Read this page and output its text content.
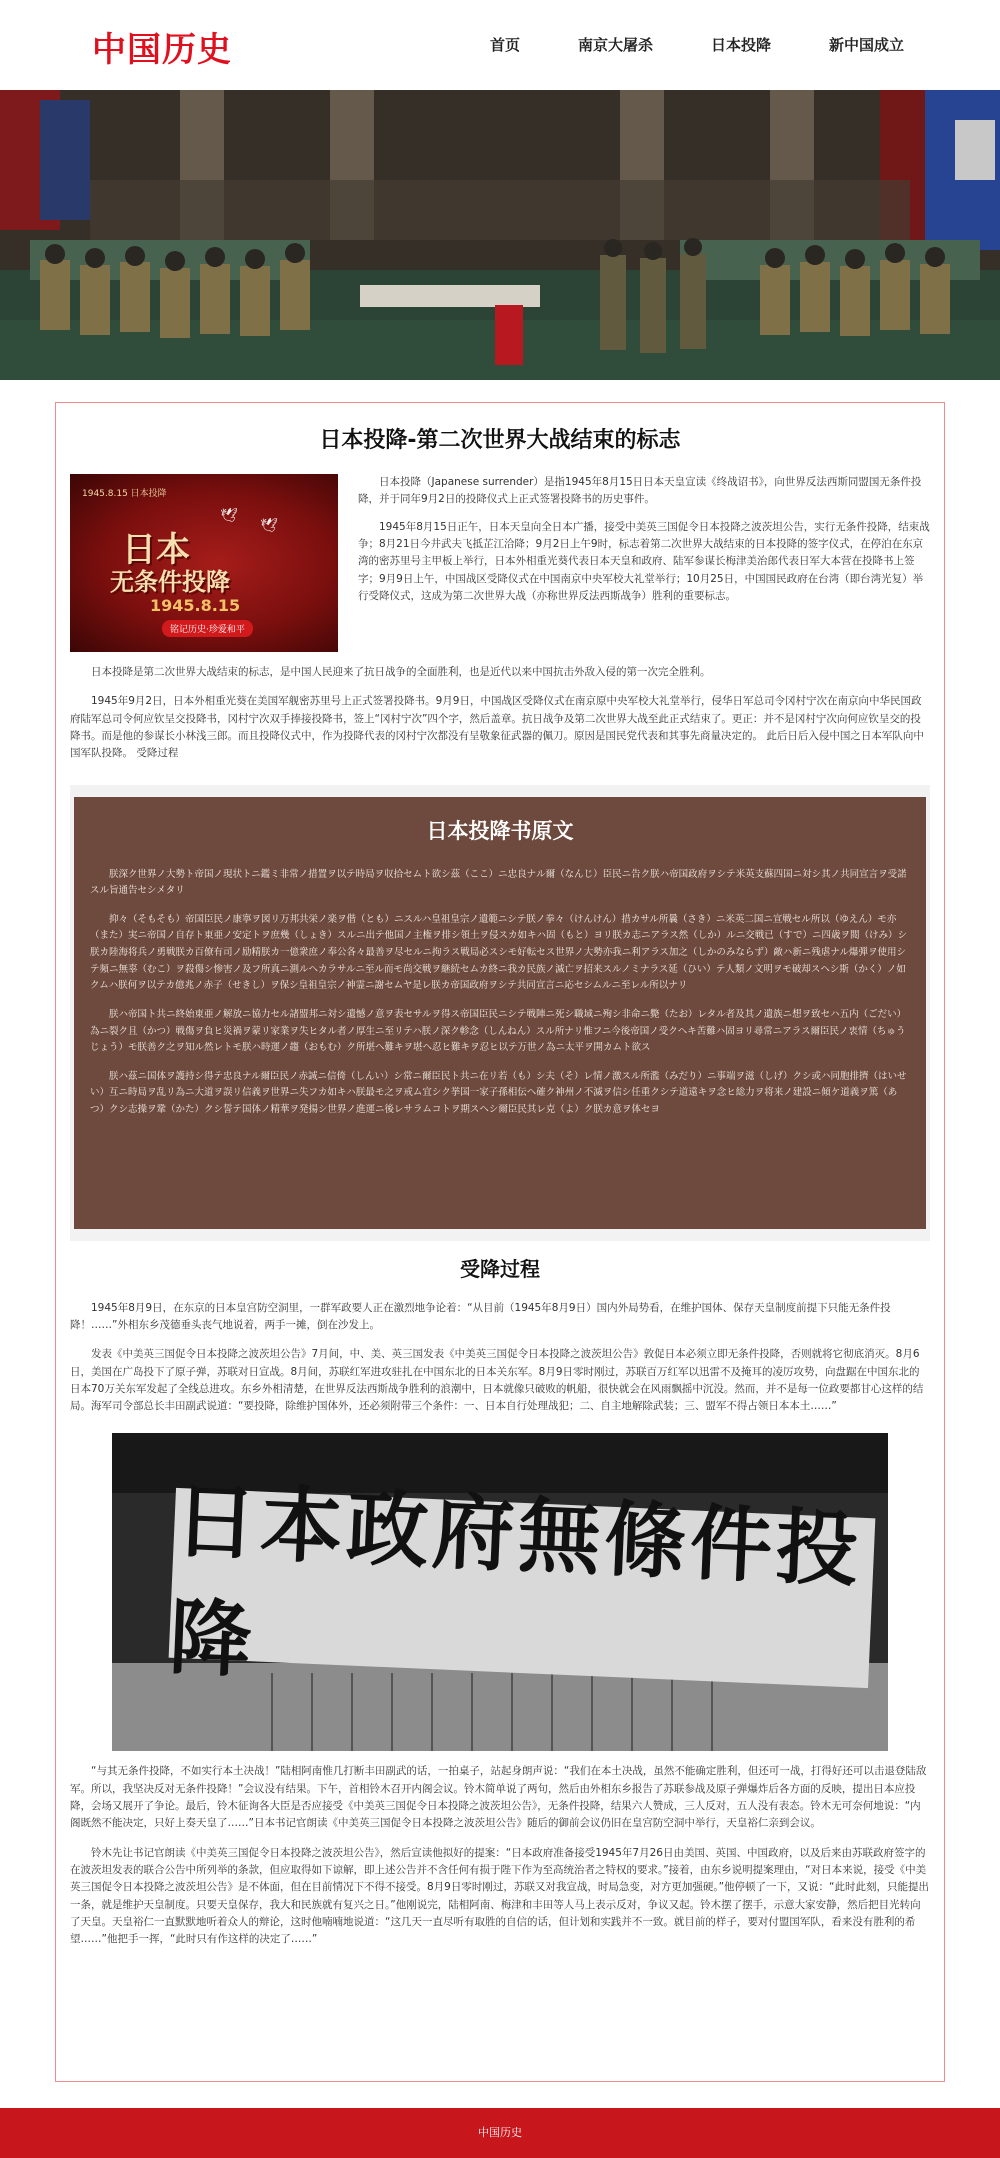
中国历史	首页	南京大屠杀	日本投降	新中国成立
日本投降-第二次世界大战结束的标志
1945.8.15 日本投降
🕊
🕊
日本
无条件投降
1945.8.15
铭记历史·珍爱和平

日本投降（Japanese surrender）是指1945年8月15日日本天皇宣读《终战诏书》，向世界反法西斯同盟国无条件投降，并于同年9月2日的投降仪式上正式签署投降书的历史事件。

1945年8月15日正午，日本天皇向全日本广播，接受中美英三国促令日本投降之波茨坦公告，实行无条件投降，结束战争；8月21日今井武夫飞抵芷江洽降；9月2日上午9时，标志着第二次世界大战结束的日本投降的签字仪式，在停泊在东京湾的密苏里号主甲板上举行，日本外相重光葵代表日本天皇和政府、陆军参谋长梅津美治郎代表日军大本营在投降书上签字；9月9日上午，中国战区受降仪式在中国南京中央军校大礼堂举行；10月25日，中国国民政府在台湾（即台湾光复）举行受降仪式，这成为第二次世界大战（亦称世界反法西斯战争）胜利的重要标志。

日本投降是第二次世界大战结束的标志，是中国人民迎来了抗日战争的全面胜利，也是近代以来中国抗击外敌入侵的第一次完全胜利。

1945年9月2日，日本外相重光葵在美国军舰密苏里号上正式签署投降书。9月9日，中国战区受降仪式在南京原中央军校大礼堂举行，侵华日军总司令冈村宁次在南京向中华民国政府陆军总司令何应钦呈交投降书，冈村宁次双手捧接投降书，签上“冈村宁次”四个字，然后盖章。抗日战争及第二次世界大战至此正式结束了。更正：并不是冈村宁次向何应钦呈交的投降书。而是他的参谋长小林浅三郎。而且投降仪式中，作为投降代表的冈村宁次都没有呈敬象征武器的佩刀。原因是国民党代表和其事先商量决定的。 此后日后入侵中国之日本军队向中国军队投降。 受降过程

日本投降书原文

朕深ク世界ノ大勢ト帝国ノ現状トニ鑑ミ非常ノ措置ヲ以テ時局ヲ収拾セムト欲シ茲（ここ）ニ忠良ナル爾（なんじ）臣民ニ告ク朕ハ帝国政府ヲシテ米英支蘇四国ニ対シ其ノ共同宣言ヲ受諾スル旨通告セシメタリ

抑々（そもそも）帝国臣民ノ康寧ヲ図リ万邦共栄ノ楽ヲ偕（とも）ニスルハ皇祖皇宗ノ遺範ニシテ朕ノ拳々（けんけん）措カサル所曩（さき）ニ米英二国ニ宣戦セル所以（ゆえん）モ亦（また）実ニ帝国ノ自存ト東亜ノ安定トヲ庶幾（しょき）スルニ出テ他国ノ主権ヲ排シ領土ヲ侵スカ如キハ固（もと）ヨリ朕カ志ニアラス然（しか）ルニ交戦已（すで）ニ四歳ヲ閲（けみ）シ朕カ陸海将兵ノ勇戦朕カ百僚有司ノ励精朕カ一億衆庶ノ奉公各々最善ヲ尽セルニ拘ラス戦局必スシモ好転セス世界ノ大勢亦我ニ利アラス加之（しかのみならず）敵ハ新ニ残虐ナル爆弾ヲ使用シテ頻ニ無辜（むこ）ヲ殺傷シ惨害ノ及フ所真ニ測ルヘカラサルニ至ル而モ尚交戦ヲ継続セムカ終ニ我カ民族ノ滅亡ヲ招来スルノミナラス延（ひい）テ人類ノ文明ヲモ破却スヘシ斯（かく）ノ如クムハ朕何ヲ以テカ億兆ノ赤子（せきし）ヲ保シ皇祖皇宗ノ神霊ニ謝セムヤ是レ朕カ帝国政府ヲシテ共同宣言ニ応セシムルニ至レル所以ナリ

朕ハ帝国ト共ニ終始東亜ノ解放ニ協力セル諸盟邦ニ対シ遺憾ノ意ヲ表セサルヲ得ス帝国臣民ニシテ戦陣ニ死シ職域ニ殉シ非命ニ斃（たお）レタル者及其ノ遺族ニ想ヲ致セハ五内（ごだい）為ニ裂ク且（かつ）戦傷ヲ負ヒ災禍ヲ蒙リ家業ヲ失ヒタル者ノ厚生ニ至リテハ朕ノ深ク軫念（しんねん）スル所ナリ惟フニ今後帝国ノ受クヘキ苦難ハ固ヨリ尋常ニアラス爾臣民ノ衷情（ちゅうじょう）モ朕善ク之ヲ知ル然レトモ朕ハ時運ノ趨（おもむ）ク所堪ヘ難キヲ堪ヘ忍ヒ難キヲ忍ヒ以テ万世ノ為ニ太平ヲ開カムト欲ス

朕ハ茲ニ国体ヲ護持シ得テ忠良ナル爾臣民ノ赤誠ニ信倚（しんい）シ常ニ爾臣民ト共ニ在リ若（も）シ夫（そ）レ情ノ激スル所濫（みだり）ニ事端ヲ滋（しげ）クシ或ハ同胞排擠（はいせい）互ニ時局ヲ乱リ為ニ大道ヲ誤リ信義ヲ世界ニ失フカ如キハ朕最モ之ヲ戒ム宜シク挙国一家子孫相伝ヘ確ク神州ノ不滅ヲ信シ任重クシテ道遠キヲ念ヒ総力ヲ将来ノ建設ニ傾ケ道義ヲ篤（あつ）クシ志操ヲ鞏（かた）クシ誓テ国体ノ精華ヲ発揚シ世界ノ進運ニ後レサラムコトヲ期スヘシ爾臣民其レ克（よ）ク朕カ意ヲ体セヨ

受降过程

1945年8月9日，在东京的日本皇宫防空洞里，一群军政要人正在激烈地争论着：“从目前（1945年8月9日）国内外局势看，在维护国体、保存天皇制度前提下只能无条件投降！……”外相东乡茂德垂头丧气地说着，两手一摊，倒在沙发上。

发表《中美英三国促令日本投降之波茨坦公告》7月间，中、美、英三国发表《中美英三国促令日本投降之波茨坦公告》敦促日本必须立即无条件投降，否则就将它彻底消灭。8月6日，美国在广岛投下了原子弹，苏联对日宣战。8月间，苏联红军进攻驻扎在中国东北的日本关东军。8月9日零时刚过，苏联百万红军以迅雷不及掩耳的凌厉攻势，向盘踞在中国东北的日本70万关东军发起了全线总进攻。东乡外相清楚，在世界反法西斯战争胜利的浪潮中，日本就像只破败的帆船，很快就会在风雨飘摇中沉没。然而，并不是每一位政要都甘心这样的结局。海军司令部总长丰田副武说道：“要投降，除维护国体外，还必须附带三个条件：一、日本自行处理战犯；二、自主地解除武装；三、盟军不得占领日本本土……”

日本政府無條件投降

“与其无条件投降，不如实行本土决战！”陆相阿南惟几打断丰田副武的话，一拍桌子，站起身朗声说：“我们在本土决战，虽然不能确定胜利，但还可一战，打得好还可以击退登陆敌军。所以，我坚决反对无条件投降！”会议没有结果。下午，首相铃木召开内阁会议。铃木简单说了两句，然后由外相东乡报告了苏联参战及原子弹爆炸后各方面的反映，提出日本应投降，会场又展开了争论。最后，铃木征询各大臣是否应接受《中美英三国促令日本投降之波茨坦公告》，无条件投降，结果六人赞成，三人反对，五人没有表态。铃木无可奈何地说：“内阁既然不能决定，只好上奏天皇了……”日本书记官朗读《中美英三国促令日本投降之波茨坦公告》随后的御前会议仍旧在皇宫防空洞中举行，天皇裕仁亲到会议。

铃木先让书记官朗读《中美英三国促令日本投降之波茨坦公告》，然后宣读他拟好的提案：“日本政府准备接受1945年7月26日由美国、英国、中国政府，以及后来由苏联政府签字的在波茨坦发表的联合公告中所列举的条款，但应取得如下谅解，即上述公告并不含任何有损于陛下作为至高统治者之特权的要求。”接着，由东乡说明提案理由，“对日本来说，接受《中美英三国促令日本投降之波茨坦公告》是不体面，但在目前情况下不得不接受。8月9日零时刚过，苏联又对我宣战，时局急变，对方更加强硬。”他停顿了一下，又说：“此时此刻，只能提出一条，就是维护天皇制度。只要天皇保存，我大和民族就有复兴之日。”他刚说完，陆相阿南、梅津和丰田等人马上表示反对，争议又起。铃木摆了摆手，示意大家安静，然后把目光转向了天皇。天皇裕仁一直默默地听着众人的辩论，这时他喃喃地说道：“这几天一直尽听有取胜的自信的话，但计划和实践并不一致。就目前的样子，要对付盟国军队，看来没有胜利的希望……”他把手一挥，“此时只有作这样的决定了……”

中国历史
